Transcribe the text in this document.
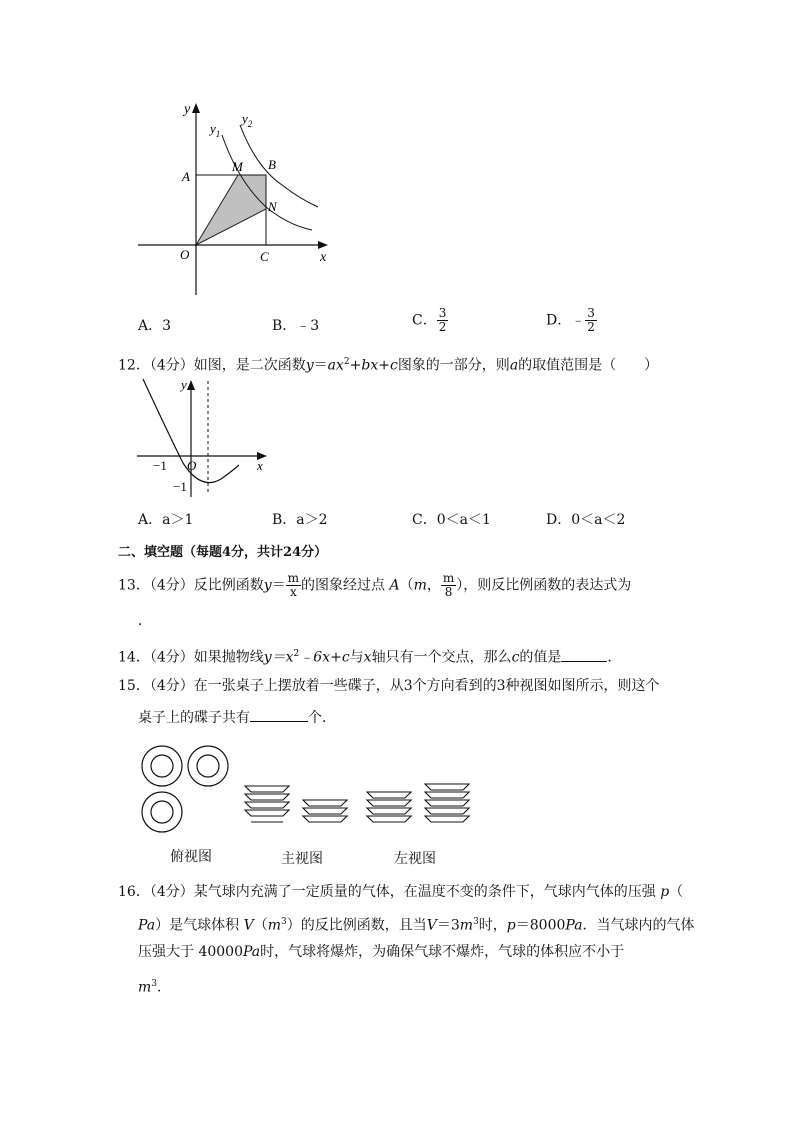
y
$y_1$
$y_2$
A
M B
N
O	C	x
A．3	B．﹣3	C． $\frac{3}{2}$	D．﹣ $\frac{3}{2}$
12．（4分）如图，是二次函数$y=ax^2+bx+c$图象的一部分，则a的取值范围是（　　）
y
x
−1 O
−1
A．a＞1	B．a＞2	C．0＜a＜1	D．0＜a＜2
二、填空题（每题4分，共计24分）
13．（4分）反比例函数$y= \frac{m}{x}$ 的图象经过点 A（m， $\frac{m}{8}$ ），则反比例函数的表达式为
．
14．（4分）如果抛物线$y=x^2﹣6x+c$与x轴只有一个交点，那么c的值是	．
15．（4分）在一张桌子上摆放着一些碟子，从3个方向看到的3种视图如图所示，则这个
桌子上的碟子共有	个．
俯视图	主视图	左视图
16．（4分）某气球内充满了一定质量的气体，在温度不变的条件下，气球内气体的压强 p（
Pa）是气球体积 $V(m^3)$的反比例函数，且当$V=3m^3$时，p＝8000Pa．当气球内的气体
压强大于 40000Pa时，气球将爆炸，为确保气球不爆炸，气球的体积应不小于
$m^3$．
